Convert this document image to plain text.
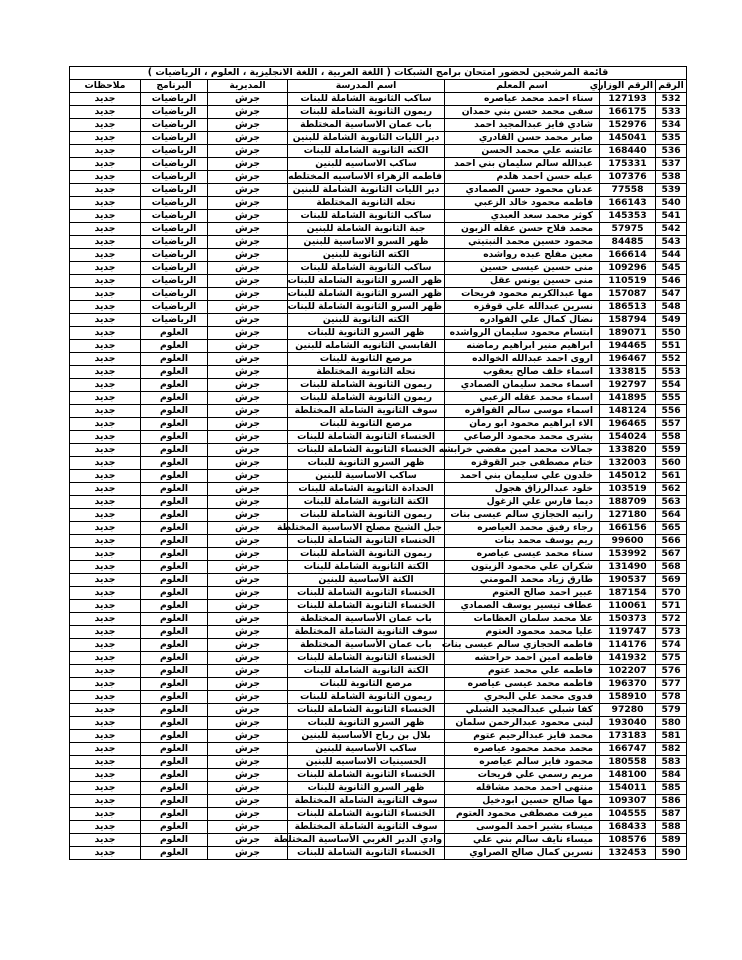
قائمة المرشحين لحضور امتحان برامج الشبكات ( اللغة العربية ، اللغة الانجليزية ، العلوم ، الرياضيات )						
الرقم	الرقم الوزاري	اسم المعلم	اسم المدرسة	المديرية	البرنامج	ملاحظات
532	127193	سناء احمد محمد عياصره	ساكب الثانوية الشاملة للبنات	جرش	الرياضيات	جديد
533	166175	سفى محمد حسن بني حمدان	ريمون الثانوية الشاملة للبنات	جرش	الرياضيات	جديد
534	152976	شادي فايز عبدالمجيد احمد	باب عمان الاساسية المختلطة	جرش	الرياضيات	جديد
535	145041	صابر محمد حسن القادري	دير الليات الثانوية الشاملة للبنين	جرش	الرياضيات	جديد
536	168440	عائشه علي محمد الحسن	الكته الثانوية الشاملة للبنات	جرش	الرياضيات	جديد
537	175331	عبدالله سالم سليمان بني احمد	ساكب الاساسيه للبنين	جرش	الرياضيات	جديد
538	107376	عبله حسن احمد هلدم	فاطمه الزهراء الاساسيه المختلطه	جرش	الرياضيات	جديد
539	77558	عدنان محمود حسن الصمادي	دير الليات الثانوية الشاملة للبنين	جرش	الرياضيات	جديد
540	166143	فاطمه محمود خالد الزعبي	نحله الثانوية المختلطة	جرش	الرياضيات	جديد
541	145353	كوثر محمد سعد العبدي	ساكب الثانوية الشاملة للبنات	جرش	الرياضيات	جديد
542	57975	محمد فلاح حسن عقله الزبون	جبة الثانوية الشاملة للبنين	جرش	الرياضيات	جديد
543	84485	محمود حسين محمد النبتيتي	ظهر السرو الاساسية للبنين	جرش	الرياضيات	جديد
544	166614	معين مفلح عبده رواشده	الكته الثانوية للبنين	جرش	الرياضيات	جديد
545	109296	منى حسين عيسى حسين	ساكب الثانوية الشاملة للبنات	جرش	الرياضيات	جديد
546	110519	منى حسين يونس عقل	ظهر السرو الثانوية الشاملة للبنات	جرش	الرياضيات	جديد
547	157087	مها عبدالكريم محمود فريحات	ظهر السرو الثانوية الشاملة للبنات	جرش	الرياضيات	جديد
548	186513	نسرين عبدالله علي قوقزه	ظهر السرو الثانوية الشاملة للبنات	جرش	الرياضيات	جديد
549	158794	نضال كمال علي الفوادره	الكته الثانوية للبنين	جرش	الرياضيات	جديد
550	189071	ابتسام محمود سليمان الرواشده	ظهر السرو الثانوية للبنات	جرش	العلوم	جديد
551	194465	ابراهيم منير ابراهيم رماضنه	القابسي الثانويه الشامله للبنين	جرش	العلوم	جديد
552	196467	اروى احمد عبدالله الخوالده	مرصع الثانوية للبنات	جرش	العلوم	جديد
553	133815	اسماء خلف صالح يعقوب	نحله الثانوية المختلطة	جرش	العلوم	جديد
554	192797	اسماء محمد سليمان الصمادي	ريمون الثانوية الشاملة للبنات	جرش	العلوم	جديد
555	141895	اسماء محمد عقله الزعبي	ريمون الثانوية الشاملة للبنات	جرش	العلوم	جديد
556	148124	اسماء موسى سالم القوافزه	سوف الثانوية الشاملة المختلطة	جرش	العلوم	جديد
557	196465	الاء ابراهيم محمود ابو رمان	مرصع الثانوية للبنات	جرش	العلوم	جديد
558	154024	بشرى محمد محمود الرصاعي	الخنساء الثانوية الشاملة للبنات	جرش	العلوم	جديد
559	133820	جمالات محمد امين مفضي خرابشه	الخنساء الثانوية الشاملة للبنات	جرش	العلوم	جديد
560	132003	ختام مصطفى جبر القوقزه	ظهر السرو الثانوية للبنات	جرش	العلوم	جديد
561	145012	خلدون علي سليمان بني احمد	ساكب الاساسية للبنين	جرش	العلوم	جديد
562	103519	خلود عبدالرزاق هجول	الحدادة الثانوية الشاملة للبنات	جرش	العلوم	جديد
563	188709	ديما فارس علي الزغول	الكتة الثانوية الشاملة للبنات	جرش	العلوم	جديد
564	127180	رانيه الحجازي سالم عيسى بنات	ريمون الثانوية الشاملة للبنات	جرش	العلوم	جديد
565	166156	رجاء رفيق محمد العياصره	جبل الشيخ مصلح الاساسية المختلطة	جرش	العلوم	جديد
566	99600	ريم يوسف محمد بنات	الخنساء الثانوية الشاملة للبنات	جرش	العلوم	جديد
567	153992	سناء محمد عيسى عياصره	ريمون الثانوية الشاملة للبنات	جرش	العلوم	جديد
568	131490	شكران علي محمود الزيتون	الكتة الثانوية الشاملة للبنات	جرش	العلوم	جديد
569	190537	طارق زياد محمد المومني	الكتة الأساسية للبنين	جرش	العلوم	جديد
570	187154	عبير احمد صالح العتوم	الخنساء الثانوية الشاملة للبنات	جرش	العلوم	جديد
571	110061	عطاف تيسير يوسف الصمادي	الخنساء الثانوية الشاملة للبنات	جرش	العلوم	جديد
572	150373	علا محمد سلمان العظامات	باب عمان الأساسية المختلطة	جرش	العلوم	جديد
573	119747	عليا محمد محمود العتوم	سوف الثانوية الشاملة المختلطة	جرش	العلوم	جديد
574	114176	فاطمه الحجازي سالم عيسى بنات	باب عمان الأساسية المختلطة	جرش	العلوم	جديد
575	141932	فاطمه امين احمد حراحشه	الخنساء الثانوية الشاملة للبنات	جرش	العلوم	جديد
576	102207	فاطمه علي محمد عتوم	الكتة الثانوية الشاملة للبنات	جرش	العلوم	جديد
577	196370	فاطمه محمد عيسى عياصره	مرصع الثانوية للبنات	جرش	العلوم	جديد
578	158910	فدوى محمد علي البحري	ريمون الثانوية الشاملة للبنات	جرش	العلوم	جديد
579	97280	كفا شبلي عبدالمجيد الشبلي	الخنساء الثانوية الشاملة للبنات	جرش	العلوم	جديد
580	193040	لبنى محمود عبدالرحمن سلمان	ظهر السرو الثانوية للبنات	جرش	العلوم	جديد
581	173183	محمد فايز عبدالرحيم عتوم	بلال بن رباح الأساسية للبنين	جرش	العلوم	جديد
582	166747	محمد محمد محمود عياصره	ساكب الأساسية للبنين	جرش	العلوم	جديد
583	180558	محمود فايز سالم عياصره	الحسينيات الاساسيه للبنين	جرش	العلوم	جديد
584	148100	مريم رسمي علي فريحات	الخنساء الثانوية الشاملة للبنات	جرش	العلوم	جديد
585	154011	منتهى احمد محمد مشاقله	ظهر السرو الثانوية للبنات	جرش	العلوم	جديد
586	109307	مها صالح حسين ابودخيل	سوف الثانوية الشاملة المختلطة	جرش	العلوم	جديد
587	104555	ميرفت مصطفى محمود العتوم	الخنساء الثانوية الشاملة للبنات	جرش	العلوم	جديد
588	168433	ميساء بشير احمد الموسى	سوف الثانوية الشاملة المختلطة	جرش	العلوم	جديد
589	108576	ميساء نايف سالم بني علي	وادي الدير الغربي الأساسية المختلطة	جرش	العلوم	جديد
590	132453	نسرين كمال صالح الصراوي	الخنساء الثانوية الشاملة للبنات	جرش	العلوم	جديد
